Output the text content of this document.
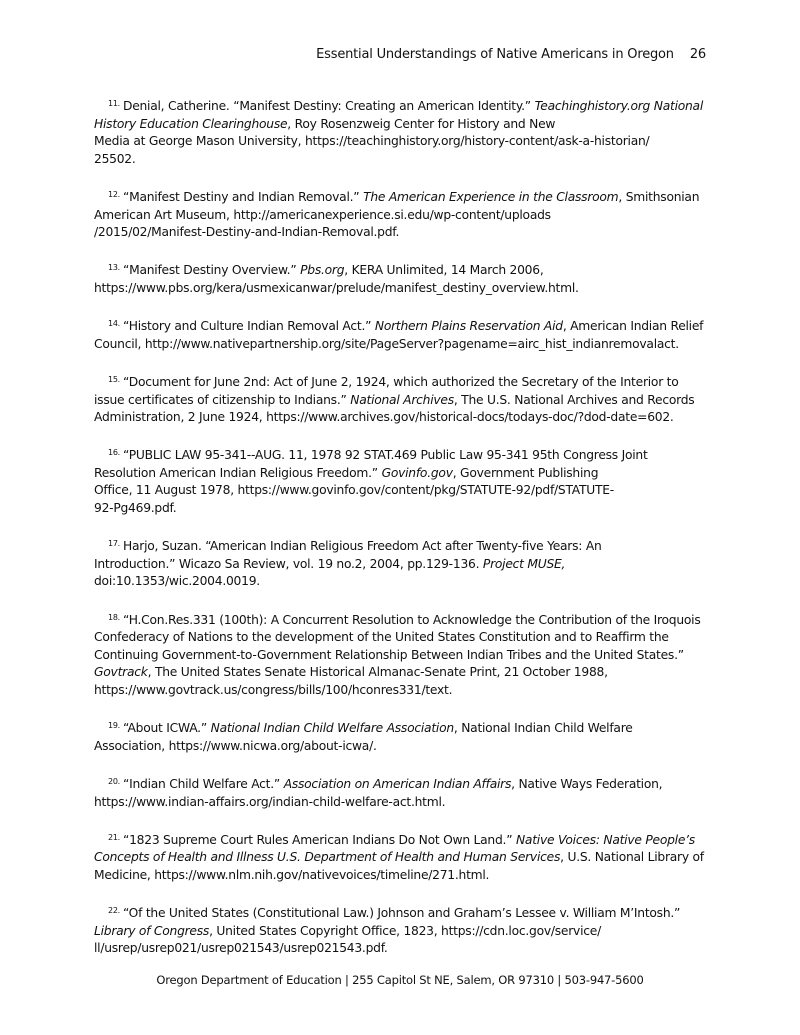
Essential Understandings of Native Americans in Oregon 26
$^{11.}$ Denial, Catherine. “Manifest Destiny: Creating an American Identity.” Teachinghistory.org National
History Education Clearinghouse, Roy Rosenzweig Center for History and New
Media at George Mason University, https://teachinghistory.org/history-content/ask-a-historian/
25502.
$^{12.}$ “Manifest Destiny and Indian Removal.” The American Experience in the Classroom, Smithsonian
American Art Museum, http://americanexperience.si.edu/wp-content/uploads
/2015/02/Manifest-Destiny-and-Indian-Removal.pdf.
$^{13.}$ “Manifest Destiny Overview.” Pbs.org, KERA Unlimited, 14 March 2006,
https://www.pbs.org/kera/usmexicanwar/prelude/manifest_destiny_overview.html.
$^{14.}$ “History and Culture Indian Removal Act.” Northern Plains Reservation Aid, American Indian Relief
Council, http://www.nativepartnership.org/site/PageServer?pagename=airc_hist_indianremovalact.
$^{15.}$ “Document for June 2nd: Act of June 2, 1924, which authorized the Secretary of the Interior to
issue certificates of citizenship to Indians.” National Archives, The U.S. National Archives and Records
Administration, 2 June 1924, https://www.archives.gov/historical-docs/todays-doc/?dod-date=602.
$^{16.}$ “PUBLIC LAW 95-341--AUG. 11, 1978 92 STAT.469 Public Law 95-341 95th Congress Joint
Resolution American Indian Religious Freedom.” Govinfo.gov, Government Publishing
Office, 11 August 1978, https://www.govinfo.gov/content/pkg/STATUTE-92/pdf/STATUTE-
92-Pg469.pdf.
$^{17.}$ Harjo, Suzan. “American Indian Religious Freedom Act after Twenty-five Years: An
Introduction.” Wicazo Sa Review, vol. 19 no.2, 2004, pp.129-136. Project MUSE,
doi:10.1353/wic.2004.0019.
$^{18.}$ “H.Con.Res.331 (100th): A Concurrent Resolution to Acknowledge the Contribution of the Iroquois
Confederacy of Nations to the development of the United States Constitution and to Reaffirm the
Continuing Government-to-Government Relationship Between Indian Tribes and the United States.”
Govtrack, The United States Senate Historical Almanac-Senate Print, 21 October 1988,
https://www.govtrack.us/congress/bills/100/hconres331/text.
$^{19.}$ “About ICWA.” National Indian Child Welfare Association, National Indian Child Welfare
Association, https://www.nicwa.org/about-icwa/.
$^{20.}$ “Indian Child Welfare Act.” Association on American Indian Affairs, Native Ways Federation,
https://www.indian-affairs.org/indian-child-welfare-act.html.
$^{21.}$ “1823 Supreme Court Rules American Indians Do Not Own Land.” Native Voices: Native People’s
Concepts of Health and Illness U.S. Department of Health and Human Services, U.S. National Library of
Medicine, https://www.nlm.nih.gov/nativevoices/timeline/271.html.
$^{22.}$ “Of the United States (Constitutional Law.) Johnson and Graham’s Lessee v. William M’Intosh.”
Library of Congress, United States Copyright Office, 1823, https://cdn.loc.gov/service/
ll/usrep/usrep021/usrep021543/usrep021543.pdf.
Oregon Department of Education | 255 Capitol St NE, Salem, OR 97310 | 503-947-5600
